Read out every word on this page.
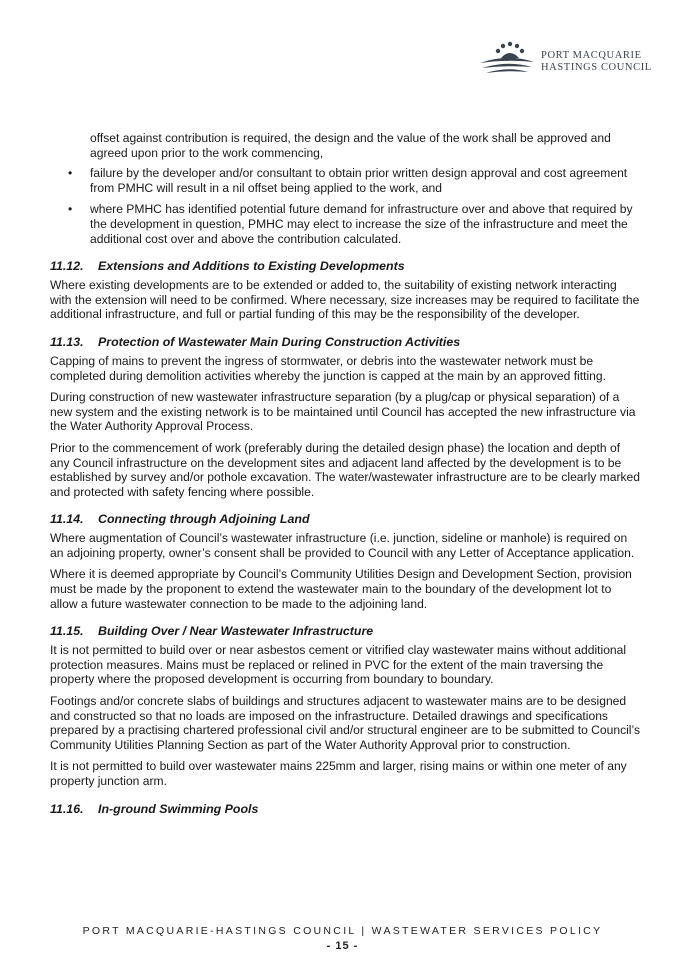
PORT MACQUARIE
HASTINGS COUNCIL

offset against contribution is required, the design and the value of the work shall be approved and agreed upon prior to the work commencing,

• failure by the developer and/or consultant to obtain prior written design approval and cost agreement from PMHC will result in a nil offset being applied to the work, and
• where PMHC has identified potential future demand for infrastructure over and above that required by the development in question, PMHC may elect to increase the size of the infrastructure and meet the additional cost over and above the contribution calculated.
11.12. Extensions and Additions to Existing Developments

Where existing developments are to be extended or added to, the suitability of existing network interacting with the extension will need to be confirmed. Where necessary, size increases may be required to facilitate the additional infrastructure, and full or partial funding of this may be the responsibility of the developer.

11.13. Protection of Wastewater Main During Construction Activities

Capping of mains to prevent the ingress of stormwater, or debris into the wastewater network must be completed during demolition activities whereby the junction is capped at the main by an approved fitting.

During construction of new wastewater infrastructure separation (by a plug/cap or physical separation) of a new system and the existing network is to be maintained until Council has accepted the new infrastructure via the Water Authority Approval Process.

Prior to the commencement of work (preferably during the detailed design phase) the location and depth of any Council infrastructure on the development sites and adjacent land affected by the development is to be established by survey and/or pothole excavation. The water/wastewater infrastructure are to be clearly marked and protected with safety fencing where possible.

11.14. Connecting through Adjoining Land

Where augmentation of Council’s wastewater infrastructure (i.e. junction, sideline or manhole) is required on an adjoining property, owner’s consent shall be provided to Council with any Letter of Acceptance application.

Where it is deemed appropriate by Council’s Community Utilities Design and Development Section, provision must be made by the proponent to extend the wastewater main to the boundary of the development lot to allow a future wastewater connection to be made to the adjoining land.

11.15. Building Over / Near Wastewater Infrastructure

It is not permitted to build over or near asbestos cement or vitrified clay wastewater mains without additional protection measures. Mains must be replaced or relined in PVC for the extent of the main traversing the property where the proposed development is occurring from boundary to boundary.

Footings and/or concrete slabs of buildings and structures adjacent to wastewater mains are to be designed and constructed so that no loads are imposed on the infrastructure. Detailed drawings and specifications prepared by a practising chartered professional civil and/or structural engineer are to be submitted to Council’s Community Utilities Planning Section as part of the Water Authority Approval prior to construction.

It is not permitted to build over wastewater mains 225mm and larger, rising mains or within one meter of any property junction arm.

11.16. In-ground Swimming Pools
PORT MACQUARIE-HASTINGS COUNCIL | WASTEWATER SERVICES POLICY
- 15 -
